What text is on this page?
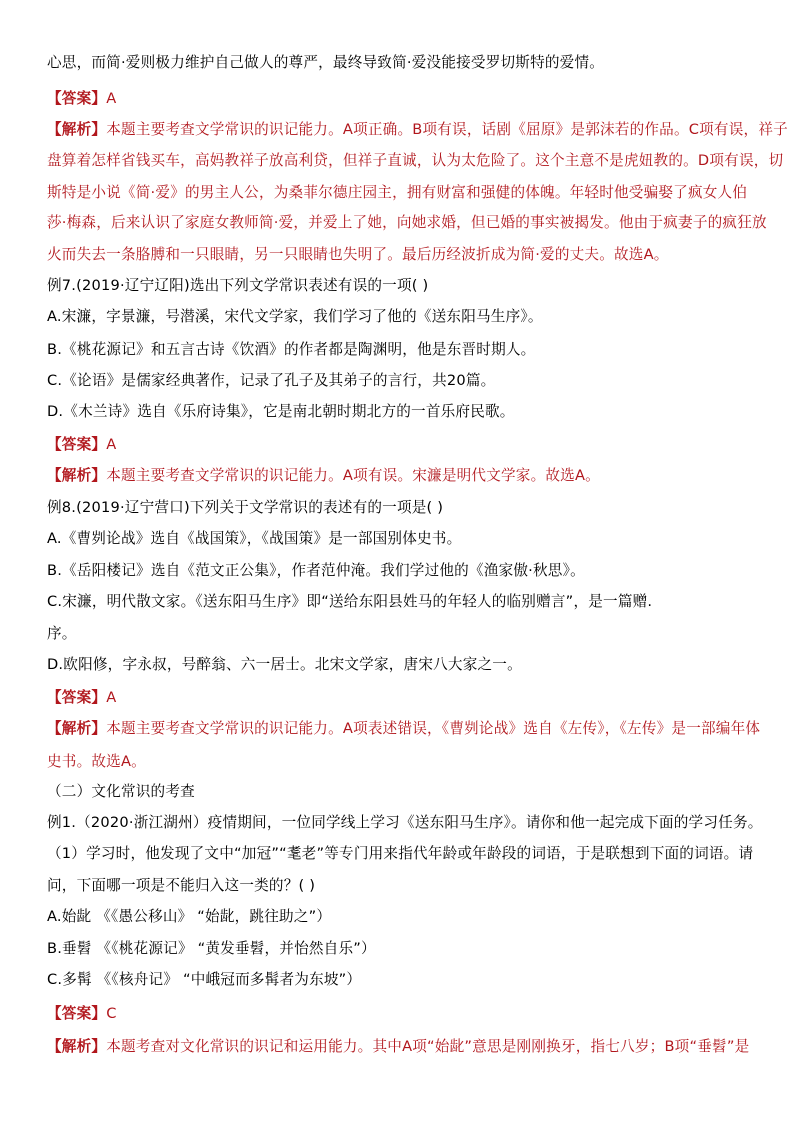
心思，而简·爱则极力维护自己做人的尊严，最终导致简·爱没能接受罗切斯特的爱情。
【答案】A
【解析】本题主要考查文学常识的识记能力。A项正确。B项有误，话剧《屈原》是郭沫若的作品。C项有误，祥子
盘算着怎样省钱买车，高妈教祥子放高利贷，但祥子直诚，认为太危险了。这个主意不是虎妞教的。D项有误，切
斯特是小说《简·爱》的男主人公，为桑菲尔德庄园主，拥有财富和强健的体魄。年轻时他受骗娶了疯女人伯
莎·梅森，后来认识了家庭女教师简·爱，并爱上了她，向她求婚，但已婚的事实被揭发。他由于疯妻子的疯狂放
火而失去一条胳膊和一只眼睛，另一只眼睛也失明了。最后历经波折成为简·爱的丈夫。故选A。
例7.(2019·辽宁辽阳)选出下列文学常识表述有误的一项( )
A.宋濂，字景濂，号潜溪，宋代文学家，我们学习了他的《送东阳马生序》。
B.《桃花源记》和五言古诗《饮酒》的作者都是陶渊明，他是东晋时期人。
C.《论语》是儒家经典著作，记录了孔子及其弟子的言行，共20篇。
D.《木兰诗》选自《乐府诗集》，它是南北朝时期北方的一首乐府民歌。
【答案】A
【解析】本题主要考查文学常识的识记能力。A项有误。宋濂是明代文学家。故选A。
例8.(2019·辽宁营口)下列关于文学常识的表述有的一项是( )
A.《曹刿论战》选自《战国策》，《战国策》是一部国别体史书。
B.《岳阳楼记》选自《范文正公集》，作者范仲淹。我们学过他的《渔家傲·秋思》。
C.宋濂，明代散文家。《送东阳马生序》即“送给东阳县姓马的年轻人的临别赠言”，是一篇赠.
序。
D.欧阳修，字永叔，号醉翁、六一居士。北宋文学家，唐宋八大家之一。
【答案】A
【解析】本题主要考查文学常识的识记能力。A项表述错误，《曹刿论战》选自《左传》，《左传》是一部编年体
史书。故选A。
（二）文化常识的考查
例1.（2020·浙江湖州）疫情期间，一位同学线上学习《送东阳马生序》。请你和他一起完成下面的学习任务。
（1）学习时，他发现了文中“加冠”“耄老”等专门用来指代年龄或年龄段的词语，于是联想到下面的词语。请
问，下面哪一项是不能归入这一类的？( )
A.始龀 《《愚公移山》 “始龀，跳往助之”）
B.垂髫 《《桃花源记》 “黄发垂髫，并怡然自乐”）
C.多髯 《《核舟记》 “中峨冠而多髯者为东坡”）
【答案】C
【解析】本题考查对文化常识的识记和运用能力。其中A项“始龀”意思是刚刚换牙，指七八岁；B项“垂髫”是
